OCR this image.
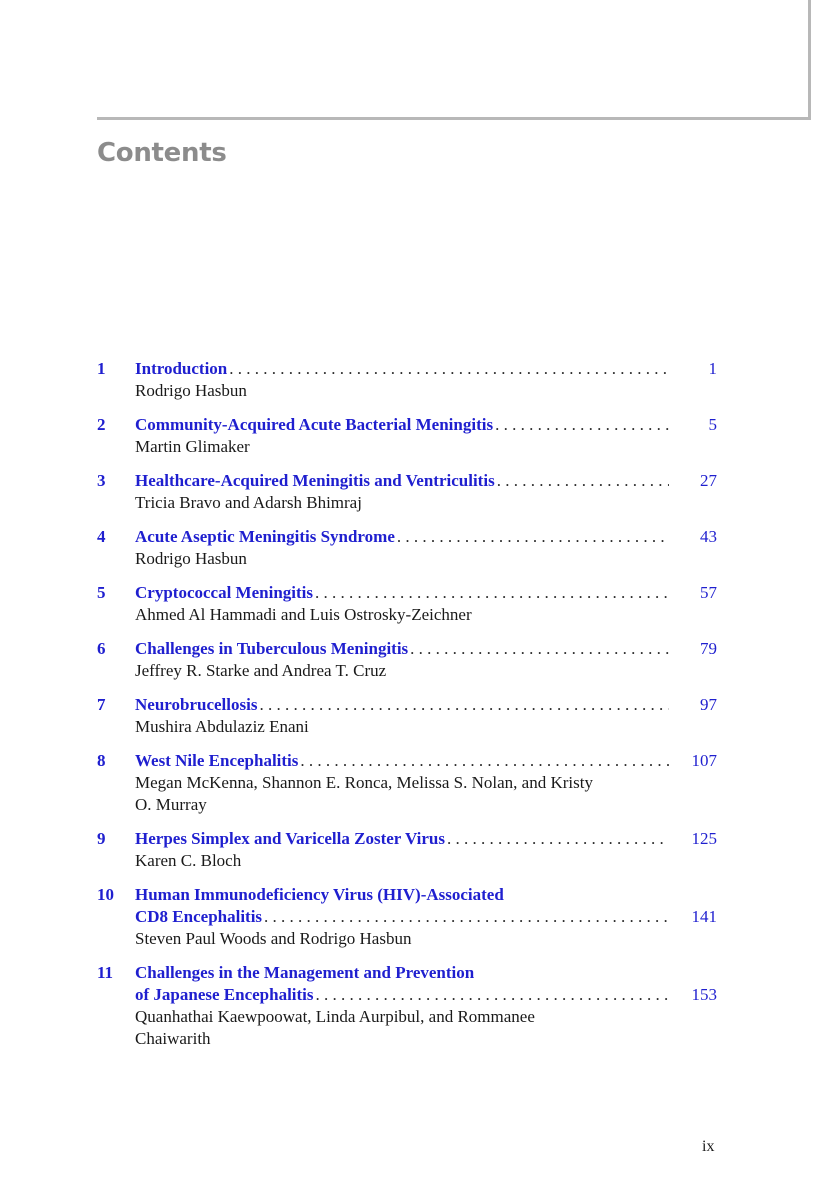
Contents
1	Introduction . . .	1
Rodrigo Hasbun
2	Community-Acquired Acute Bacterial Meningitis . . .	5
Martin Glimaker
3	Healthcare-Acquired Meningitis and Ventriculitis . . .	27
Tricia Bravo and Adarsh Bhimraj
4	Acute Aseptic Meningitis Syndrome . . .	43
Rodrigo Hasbun
5	Cryptococcal Meningitis . . .	57
Ahmed Al Hammadi and Luis Ostrosky-Zeichner
6	Challenges in Tuberculous Meningitis . . .	79
Jeffrey R. Starke and Andrea T. Cruz
7	Neurobrucellosis . . .	97
Mushira Abdulaziz Enani
8	West Nile Encephalitis . . .	107
Megan McKenna, Shannon E. Ronca, Melissa S. Nolan, and Kristy
O. Murray
9	Herpes Simplex and Varicella Zoster Virus . . .	125
Karen C. Bloch
10	Human Immunodeficiency Virus (HIV)-Associated
CD8 Encephalitis . . .	141
Steven Paul Woods and Rodrigo Hasbun
11	Challenges in the Management and Prevention
of Japanese Encephalitis . . .	153
Quanhathai Kaewpoowat, Linda Aurpibul, and Rommanee
Chaiwarith
ix
